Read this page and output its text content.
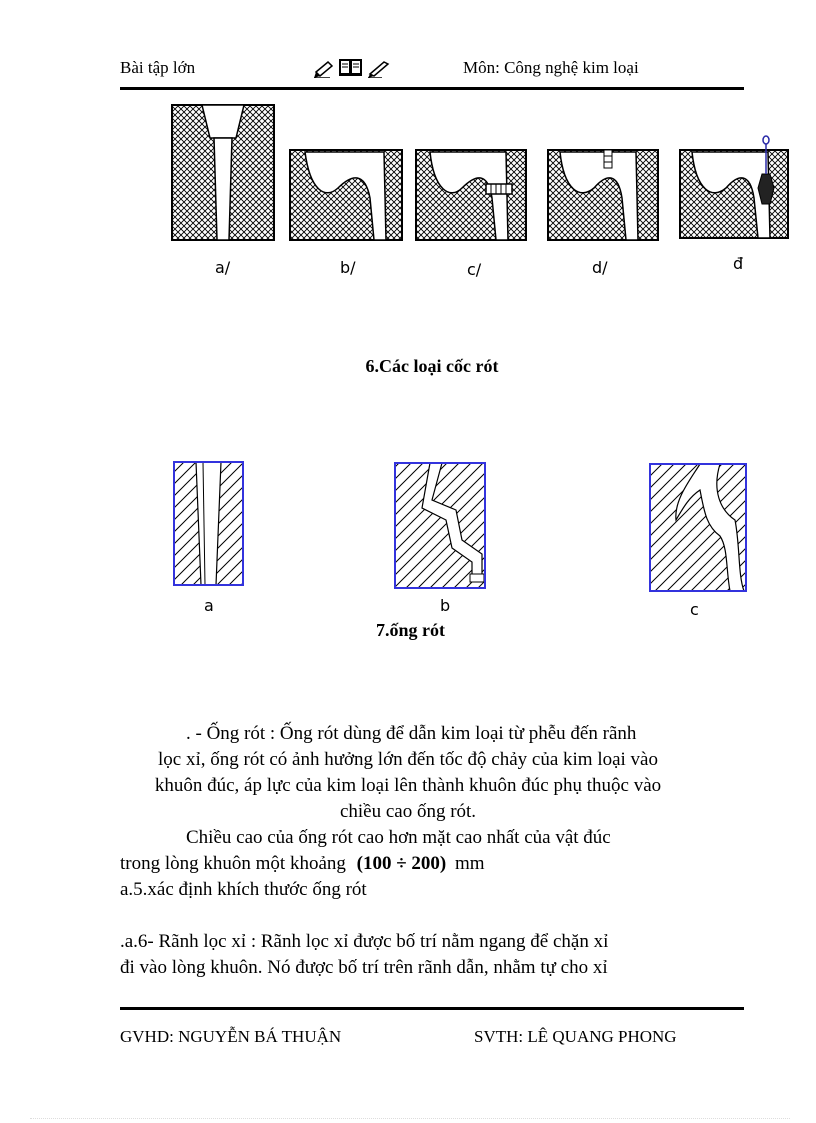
Bài tập lớn	Môn: Công nghệ kim loại
a/	b/	c/	d/	đ
6.Các loại cốc rót
a	b	c
7.ống rót
. - Ống rót : Ống rót dùng để dẫn kim loại từ phễu đến rãnh
lọc xỉ, ống rót có ảnh hưởng lớn đến tốc độ chảy của kim loại vào
khuôn đúc, áp lực của kim loại lên thành khuôn đúc phụ thuộc vào
chiều cao ống rót.
Chiều cao của ống rót cao hơn mặt cao nhất của vật đúc
trong lòng khuôn một khoảng (100 ÷ 200) mm
a.5.xác định khích thước ống rót
.a.6- Rãnh lọc xỉ : Rãnh lọc xỉ được bố trí nằm ngang để chặn xỉ
đi vào lòng khuôn. Nó được bố trí trên rãnh dẫn, nhằm tự cho xỉ
GVHD: NGUYỄN BÁ THUẬN	SVTH: LÊ QUANG PHONG
